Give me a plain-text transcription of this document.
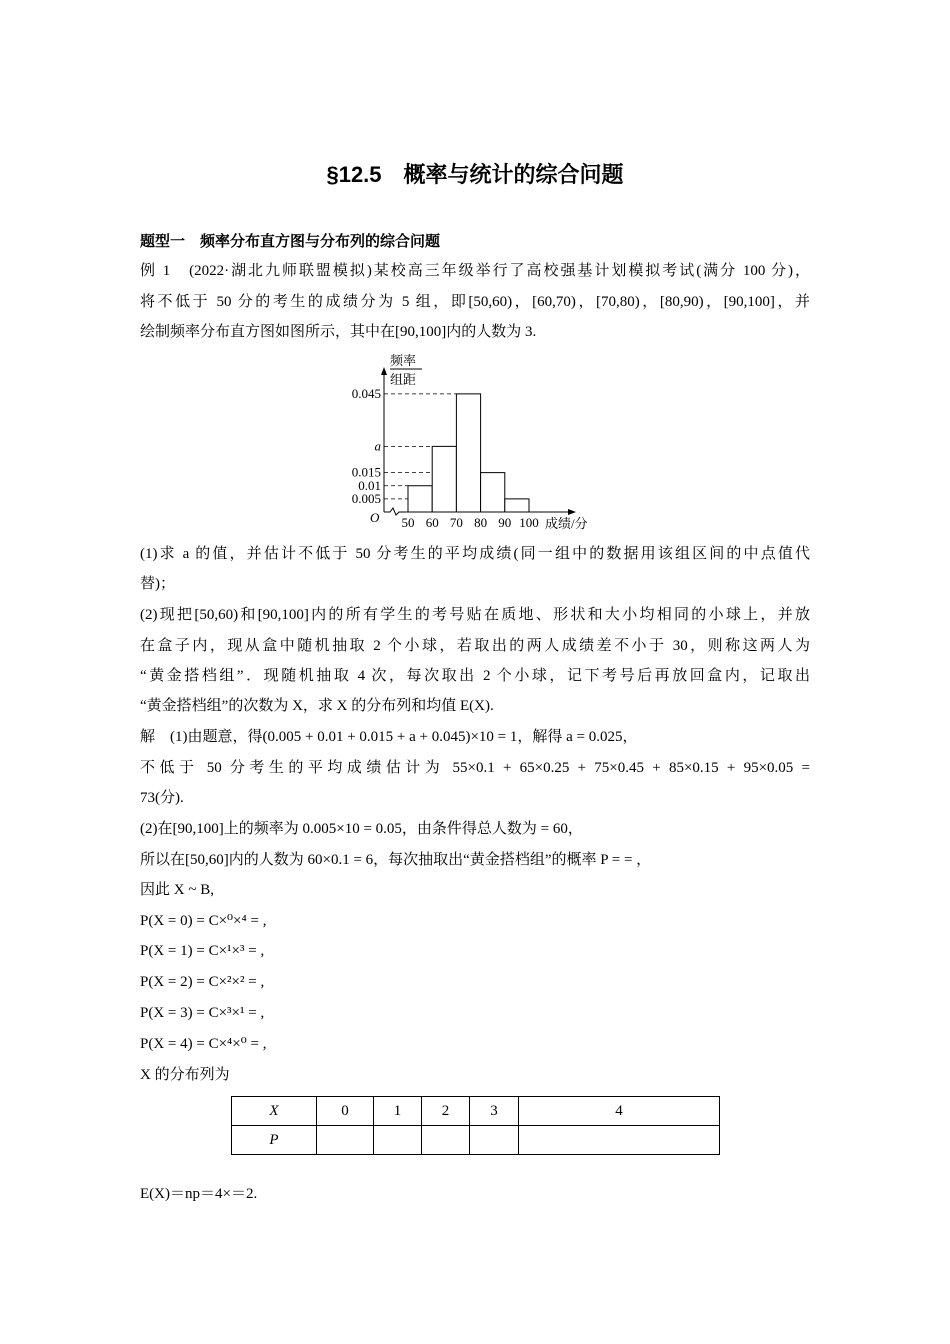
§12.5　概率与统计的综合问题
题型一　频率分布直方图与分布列的综合问题
例 1　(2022·湖北九师联盟模拟)某校高三年级举行了高校强基计划模拟考试(满分 100 分)，
将不低于 50 分的考生的成绩分为 5 组，即[50,60)，[60,70)，[70,80)，[80,90)，[90,100]，并
绘制频率分布直方图如图所示，其中在[90,100]内的人数为 3.
频率
组距
O
0.005
0.01
0.015
a
0.045
50 60 70 80 90 100 成绩/分
(1)求 a 的值，并估计不低于 50 分考生的平均成绩(同一组中的数据用该组区间的中点值代
替)；
(2)现把[50,60)和[90,100]内的所有学生的考号贴在质地、形状和大小均相同的小球上，并放
在盒子内，现从盒中随机抽取 2 个小球，若取出的两人成绩差不小于 30，则称这两人为
“黄金搭档组”．现随机抽取 4 次，每次取出 2 个小球，记下考号后再放回盒内，记取出
“黄金搭档组”的次数为 X，求 X 的分布列和均值 E(X).
解　(1)由题意，得(0.005 + 0.01 + 0.015 + a + 0.045)×10 = 1，解得 a = 0.025，
不低于 50 分考生的平均成绩估计为 55×0.1 + 65×0.25 + 75×0.45 + 85×0.15 + 95×0.05 =
73(分).
(2)在[90,100]上的频率为 0.005×10 = 0.05，由条件得总人数为 = 60，
所以在[50,60]内的人数为 60×0.1 = 6，每次抽取出“黄金搭档组”的概率 P = = ，
因此 X ~ B,
P(X = 0) = C×⁰×⁴ = ,
P(X = 1) = C×¹×³ = ,
P(X = 2) = C×²×² = ,
P(X = 3) = C×³×¹ = ,
P(X = 4) = C×⁴×⁰ = ,
X 的分布列为
X	0	1	2	3	4
P					
E(X)＝np＝4×＝2.
